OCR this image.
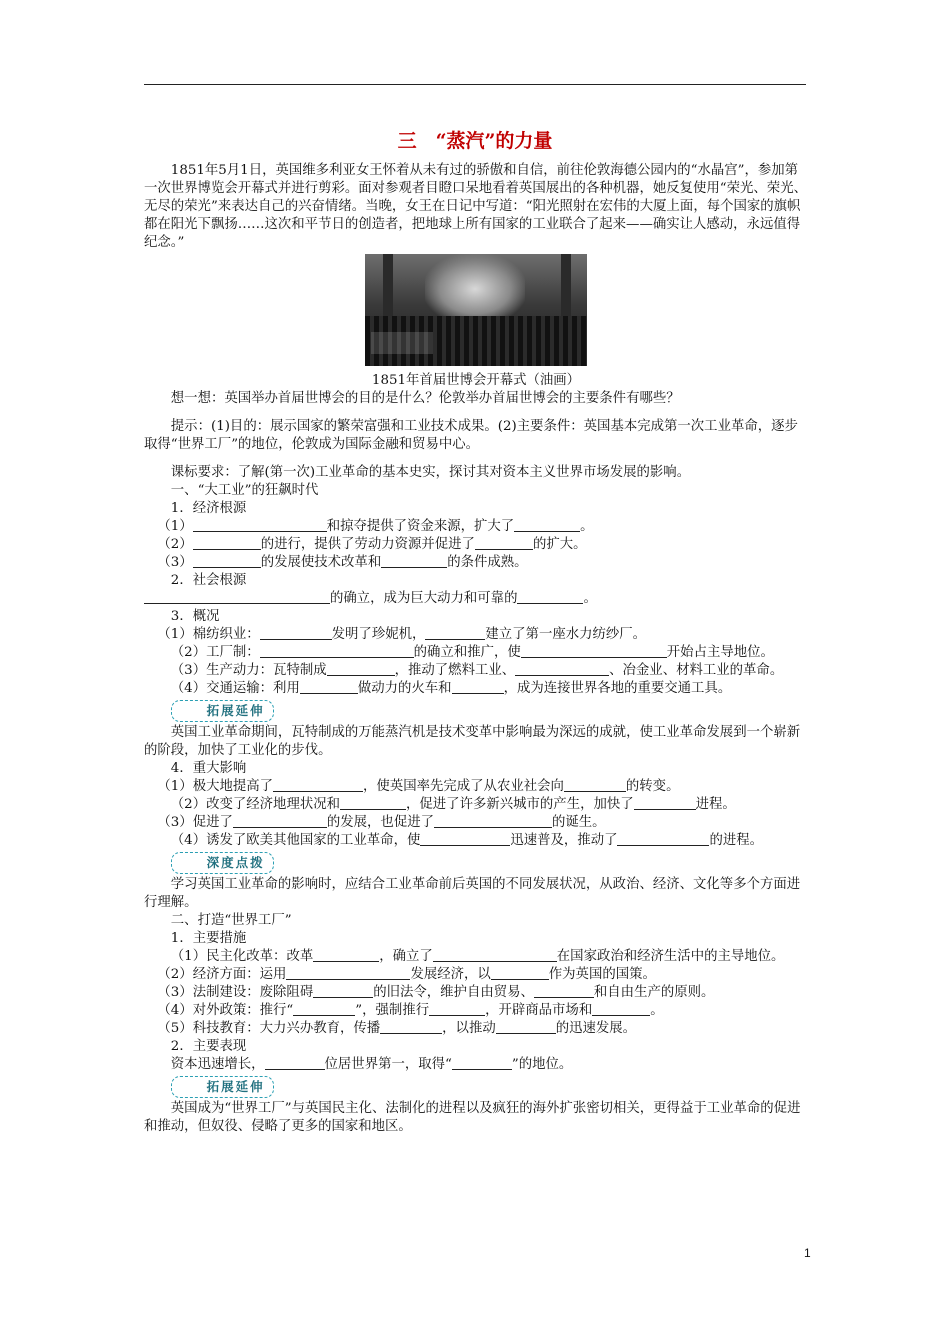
三　“蒸汽”的力量

1851年5月1日，英国维多利亚女王怀着从未有过的骄傲和自信，前往伦敦海德公园内的“水晶宫”，参加第一次世界博览会开幕式并进行剪彩。面对参观者目瞪口呆地看着英国展出的各种机器，她反复使用“荣光、荣光、无尽的荣光”来表达自己的兴奋情绪。当晚，女王在日记中写道：“阳光照射在宏伟的大厦上面，每个国家的旗帜都在阳光下飘扬……这次和平节日的创造者，把地球上所有国家的工业联合了起来——确实让人感动，永远值得纪念。”

1851年首届世博会开幕式（油画）

想一想：英国举办首届世博会的目的是什么？伦敦举办首届世博会的主要条件有哪些？

提示：(1)目的：展示国家的繁荣富强和工业技术成果。(2)主要条件：英国基本完成第一次工业革命，逐步取得“世界工厂”的地位，伦敦成为国际金融和贸易中心。

课标要求：了解(第一次)工业革命的基本史实，探讨其对资本主义世界市场发展的影响。

一、“大工业”的狂飙时代

1．经济根源

（1）	和掠夺提供了资金来源，扩大了	。

（2）	的进行，提供了劳动力资源并促进了	的扩大。

（3）	的发展使技术改革和	的条件成熟。

2．社会根源

的确立，成为巨大动力和可靠的	。

3．概况

（1）棉纺织业：	发明了珍妮机，	建立了第一座水力纺纱厂。

（2）工厂制：	的确立和推广，使	开始占主导地位。

（3）生产动力：瓦特制成	，推动了燃料工业、	、冶金业、材料工业的革命。

（4）交通运输：利用	做动力的火车和	，成为连接世界各地的重要交通工具。

拓展延伸

英国工业革命期间，瓦特制成的万能蒸汽机是技术变革中影响最为深远的成就，使工业革命发展到一个崭新的阶段，加快了工业化的步伐。

4．重大影响

（1）极大地提高了	，使英国率先完成了从农业社会向	的转变。

（2）改变了经济地理状况和	，促进了许多新兴城市的产生，加快了	进程。

（3）促进了	的发展，也促进了	的诞生。

（4）诱发了欧美其他国家的工业革命，使	迅速普及，推动了	的进程。

深度点拨

学习英国工业革命的影响时，应结合工业革命前后英国的不同发展状况，从政治、经济、文化等多个方面进行理解。

二、打造“世界工厂”

1．主要措施

（1）民主化改革：改革	，确立了	在国家政治和经济生活中的主导地位。

（2）经济方面：运用	发展经济，以	作为英国的国策。

（3）法制建设：废除阻碍	的旧法令，维护自由贸易、	和自由生产的原则。

（4）对外政策：推行“	”，强制推行	，开辟商品市场和	。

（5）科技教育：大力兴办教育，传播	，以推动	的迅速发展。

2．主要表现

资本迅速增长，	位居世界第一，取得“	”的地位。

拓展延伸

英国成为“世界工厂”与英国民主化、法制化的进程以及疯狂的海外扩张密切相关，更得益于工业革命的促进和推动，但奴役、侵略了更多的国家和地区。

1
